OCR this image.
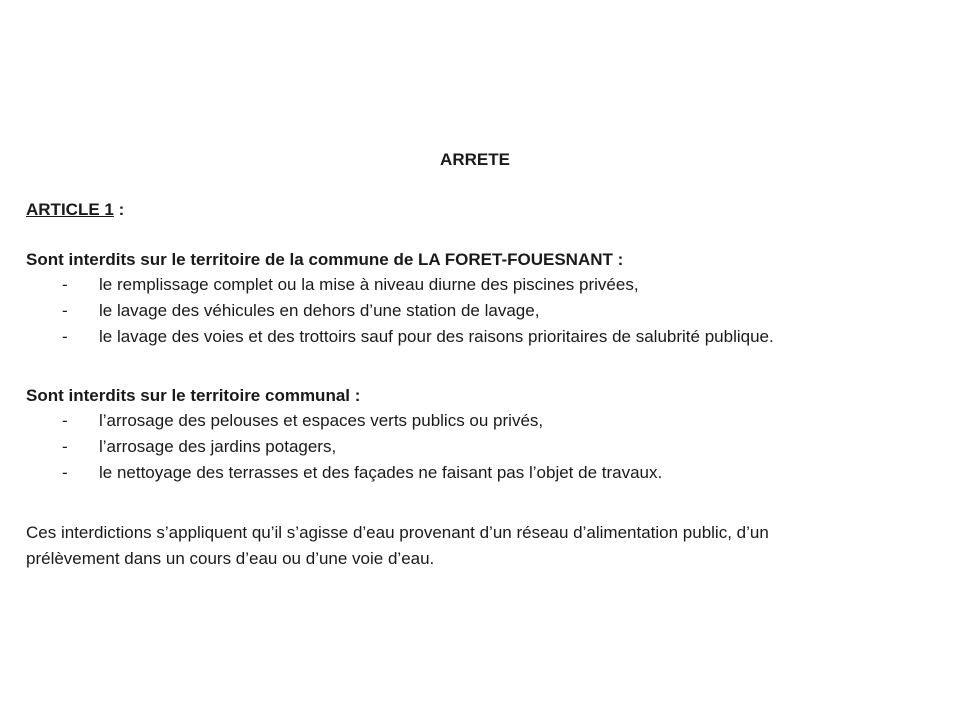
ARRETE
ARTICLE 1 :
Sont interdits sur le territoire de la commune de LA FORET-FOUESNANT :
- le remplissage complet ou la mise à niveau diurne des piscines privées,
- le lavage des véhicules en dehors d’une station de lavage,
- le lavage des voies et des trottoirs sauf pour des raisons prioritaires de salubrité publique.
Sont interdits sur le territoire communal :
- l’arrosage des pelouses et espaces verts publics ou privés,
- l’arrosage des jardins potagers,
- le nettoyage des terrasses et des façades ne faisant pas l’objet de travaux.
Ces interdictions s’appliquent qu’il s’agisse d’eau provenant d’un réseau d’alimentation public, d’un
prélèvement dans un cours d’eau ou d’une voie d’eau.
